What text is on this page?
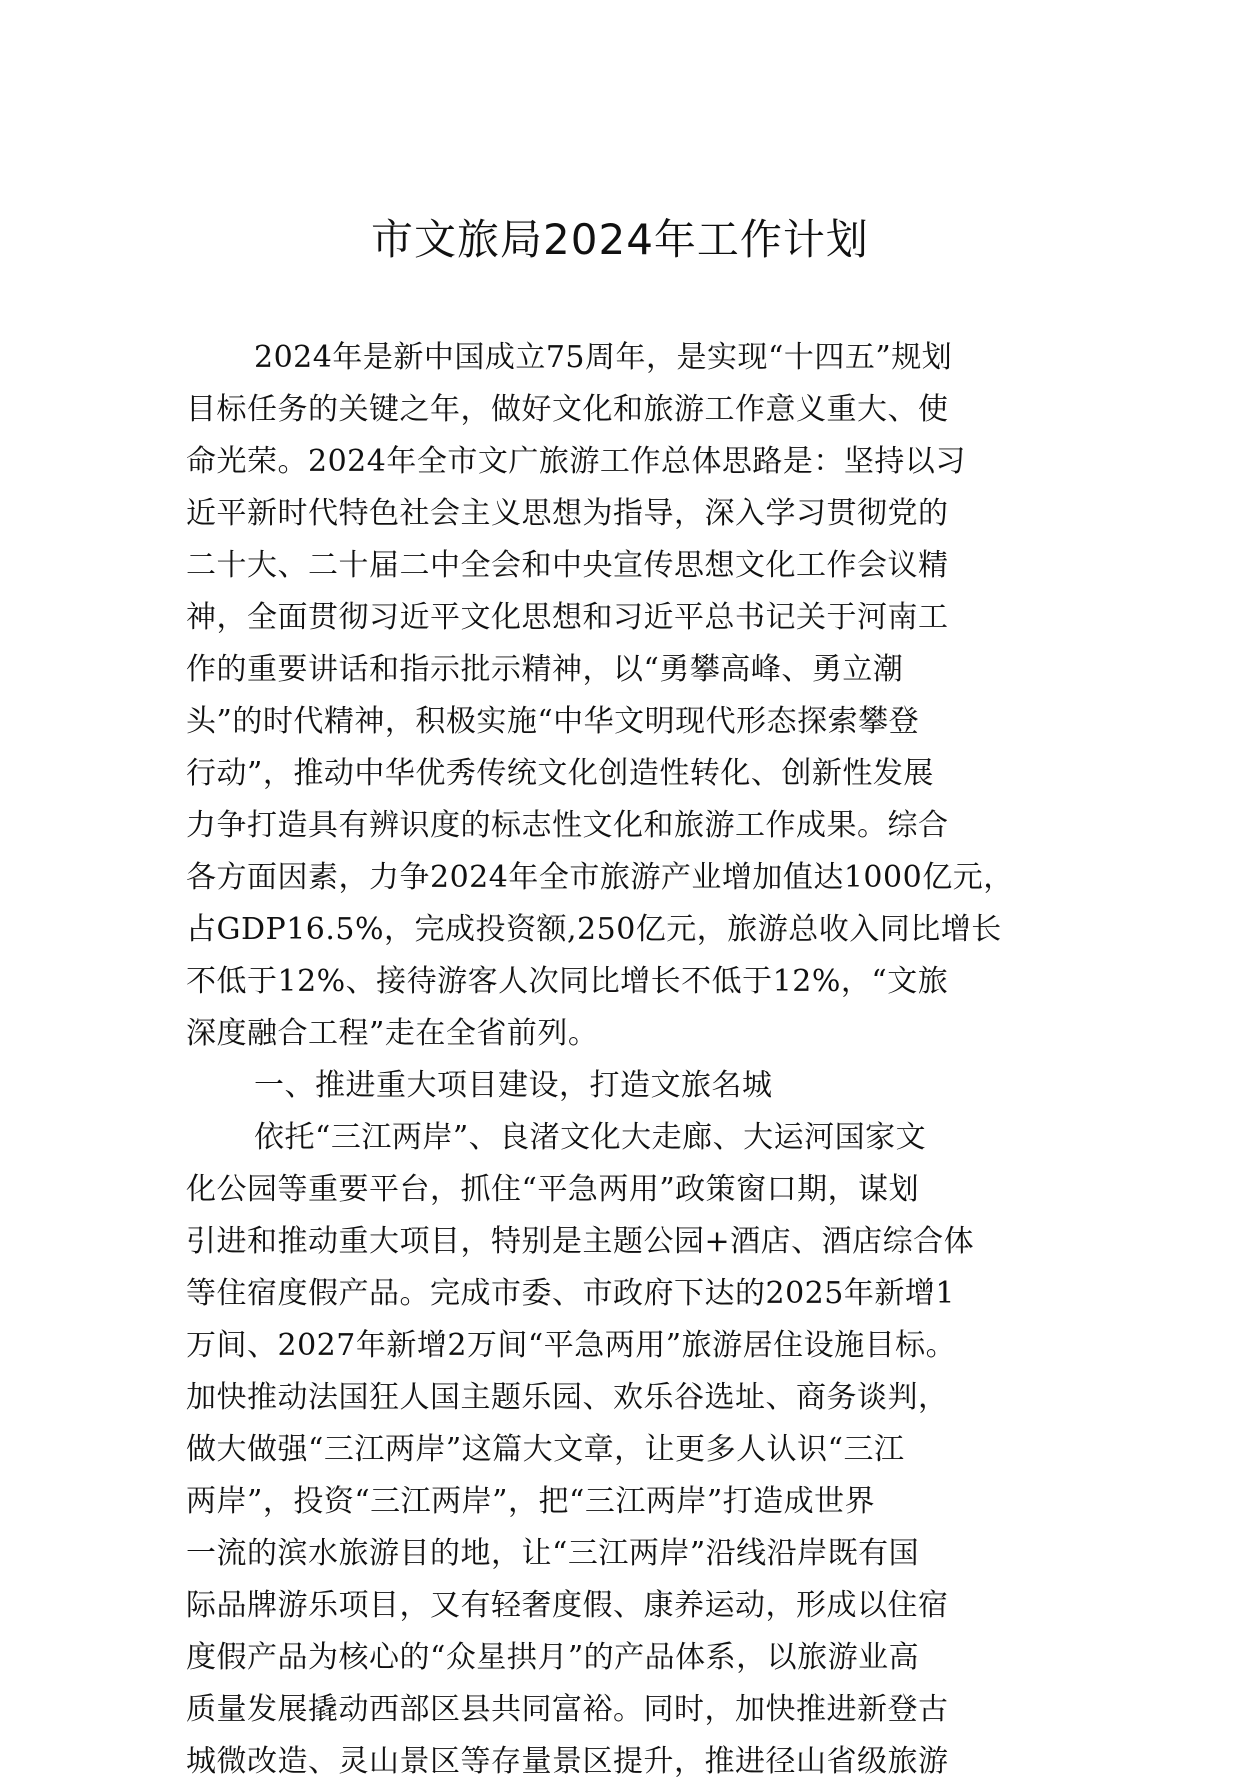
市文旅局2024年工作计划
2024年是新中国成立75周年，是实现“十四五”规划
目标任务的关键之年，做好文化和旅游工作意义重大、使
命光荣。2024年全市文广旅游工作总体思路是：坚持以习
近平新时代特色社会主义思想为指导，深入学习贯彻党的
二十大、二十届二中全会和中央宣传思想文化工作会议精
神，全面贯彻习近平文化思想和习近平总书记关于河南工
作的重要讲话和指示批示精神，以“勇攀高峰、勇立潮
头”的时代精神，积极实施“中华文明现代形态探索攀登
行动”，推动中华优秀传统文化创造性转化、创新性发展
力争打造具有辨识度的标志性文化和旅游工作成果。综合
各方面因素，力争2024年全市旅游产业增加值达1000亿元，
占GDP16.5%，完成投资额,250亿元，旅游总收入同比增长
不低于12%、接待游客人次同比增长不低于12%，“文旅
深度融合工程”走在全省前列。
一、推进重大项目建设，打造文旅名城
依托“三江两岸”、良渚文化大走廊、大运河国家文
化公园等重要平台，抓住“平急两用”政策窗口期，谋划
引进和推动重大项目，特别是主题公园+酒店、酒店综合体
等住宿度假产品。完成市委、市政府下达的2025年新增1
万间、2027年新增2万间“平急两用”旅游居住设施目标。
加快推动法国狂人国主题乐园、欢乐谷选址、商务谈判，
做大做强“三江两岸”这篇大文章，让更多人认识“三江
两岸”，投资“三江两岸”，把“三江两岸”打造成世界
一流的滨水旅游目的地，让“三江两岸”沿线沿岸既有国
际品牌游乐项目，又有轻奢度假、康养运动，形成以住宿
度假产品为核心的“众星拱月”的产品体系，以旅游业高
质量发展撬动西部区县共同富裕。同时，加快推进新登古
城微改造、灵山景区等存量景区提升，推进径山省级旅游
